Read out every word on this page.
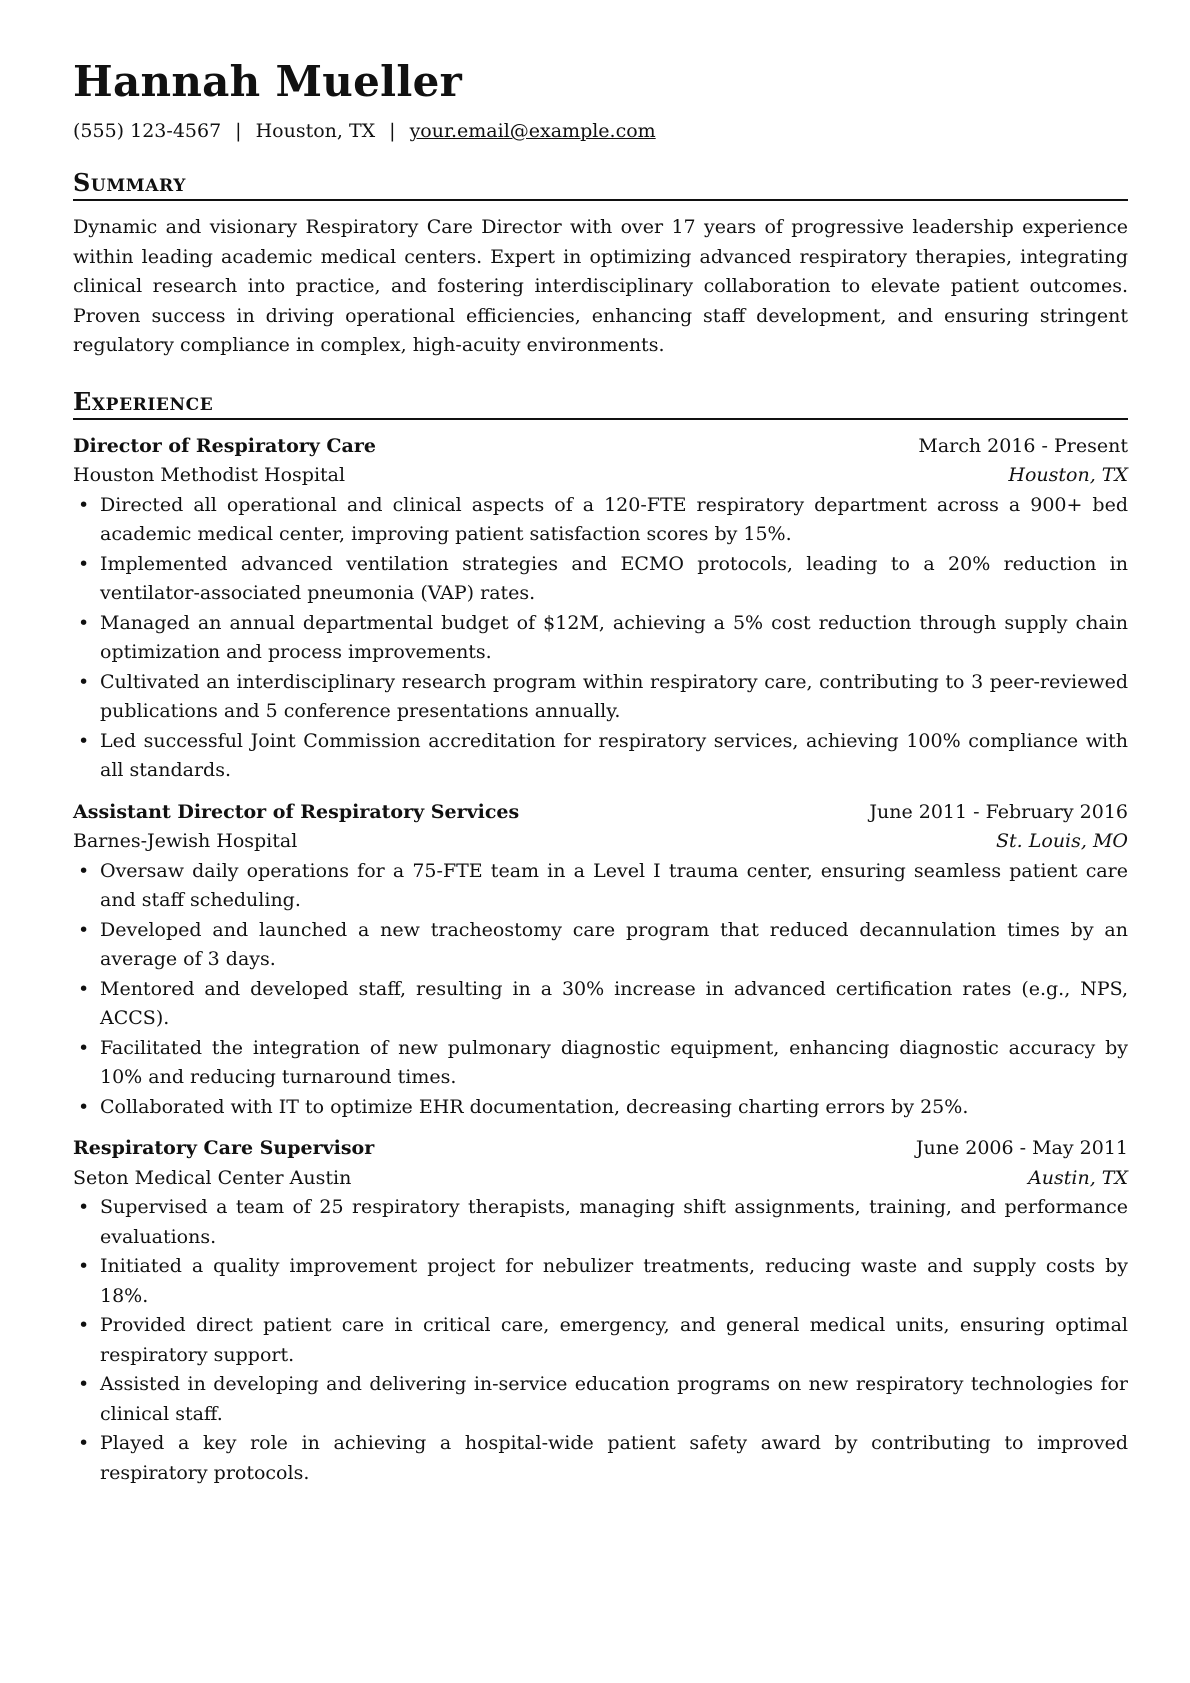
Hannah Mueller
(555) 123-4567 | Houston, TX | your.email@example.com
Summary
Dynamic and visionary Respiratory Care Director with over 17 years of progressive leadership experience within leading academic medical centers. Expert in optimizing advanced respiratory therapies, integrating clinical research into practice, and fostering interdisciplinary collaboration to elevate patient outcomes. Proven success in driving operational efficiencies, enhancing staff development, and ensuring stringent regulatory compliance in complex, high-acuity environments.
Experience
Director of Respiratory Care	March 2016 - Present
Houston Methodist Hospital	Houston, TX
• Directed all operational and clinical aspects of a 120-FTE respiratory department across a 900+ bed academic medical center, improving patient satisfaction scores by 15%.
• Implemented advanced ventilation strategies and ECMO protocols, leading to a 20% reduction in ventilator-associated pneumonia (VAP) rates.
• Managed an annual departmental budget of $12M, achieving a 5% cost reduction through supply chain optimization and process improvements.
• Cultivated an interdisciplinary research program within respiratory care, contributing to 3 peer-reviewed publications and 5 conference presentations annually.
• Led successful Joint Commission accreditation for respiratory services, achieving 100% compliance with all standards.
Assistant Director of Respiratory Services	June 2011 - February 2016
Barnes-Jewish Hospital	St. Louis, MO
• Oversaw daily operations for a 75-FTE team in a Level I trauma center, ensuring seamless patient care and staff scheduling.
• Developed and launched a new tracheostomy care program that reduced decannulation times by an average of 3 days.
• Mentored and developed staff, resulting in a 30% increase in advanced certification rates (e.g., NPS, ACCS).
• Facilitated the integration of new pulmonary diagnostic equipment, enhancing diagnostic accuracy by 10% and reducing turnaround times.
• Collaborated with IT to optimize EHR documentation, decreasing charting errors by 25%.
Respiratory Care Supervisor	June 2006 - May 2011
Seton Medical Center Austin	Austin, TX
• Supervised a team of 25 respiratory therapists, managing shift assignments, training, and performance evaluations.
• Initiated a quality improvement project for nebulizer treatments, reducing waste and supply costs by 18%.
• Provided direct patient care in critical care, emergency, and general medical units, ensuring optimal respiratory support.
• Assisted in developing and delivering in-service education programs on new respiratory technologies for clinical staff.
• Played a key role in achieving a hospital-wide patient safety award by contributing to improved respiratory protocols.
